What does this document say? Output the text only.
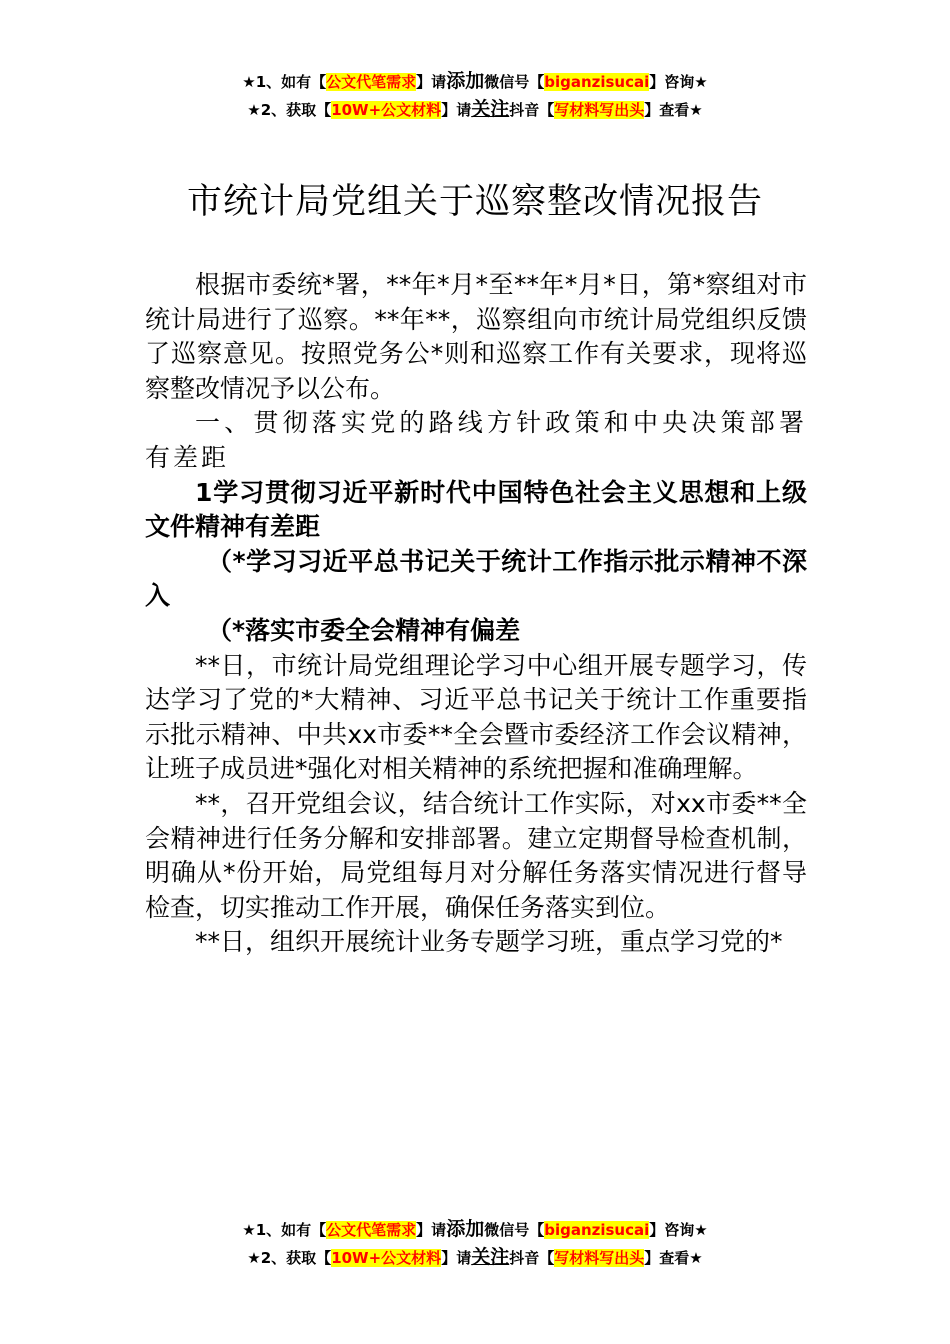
★1、如有【公文代笔需求】请添加微信号【biganzisucai】咨询★
★2、获取【10W+公文材料】请关注抖音【写材料写出头】查看★
市统计局党组关于巡察整改情况报告

根据市委统*署，**年*月*至**年*月*日，第*察组对市统计局进行了巡察。**年**，巡察组向市统计局党组织反馈了巡察意见。按照党务公*则和巡察工作有关要求，现将巡察整改情况予以公布。

一、贯彻落实党的路线方针政策和中央决策部署有差距

1学习贯彻习近平新时代中国特色社会主义思想和上级文件精神有差距

（*学习习近平总书记关于统计工作指示批示精神不深入

（*落实市委全会精神有偏差

**日，市统计局党组理论学习中心组开展专题学习，传达学习了党的*大精神、习近平总书记关于统计工作重要指示批示精神、中共xx市委**全会暨市委经济工作会议精神，让班子成员进*强化对相关精神的系统把握和准确理解。

**，召开党组会议，结合统计工作实际，对xx市委**全会精神进行任务分解和安排部署。建立定期督导检查机制，明确从*份开始，局党组每月对分解任务落实情况进行督导检查，切实推动工作开展，确保任务落实到位。

**日，组织开展统计业务专题学习班，重点学习党的*

★1、如有【公文代笔需求】请添加微信号【biganzisucai】咨询★
★2、获取【10W+公文材料】请关注抖音【写材料写出头】查看★
